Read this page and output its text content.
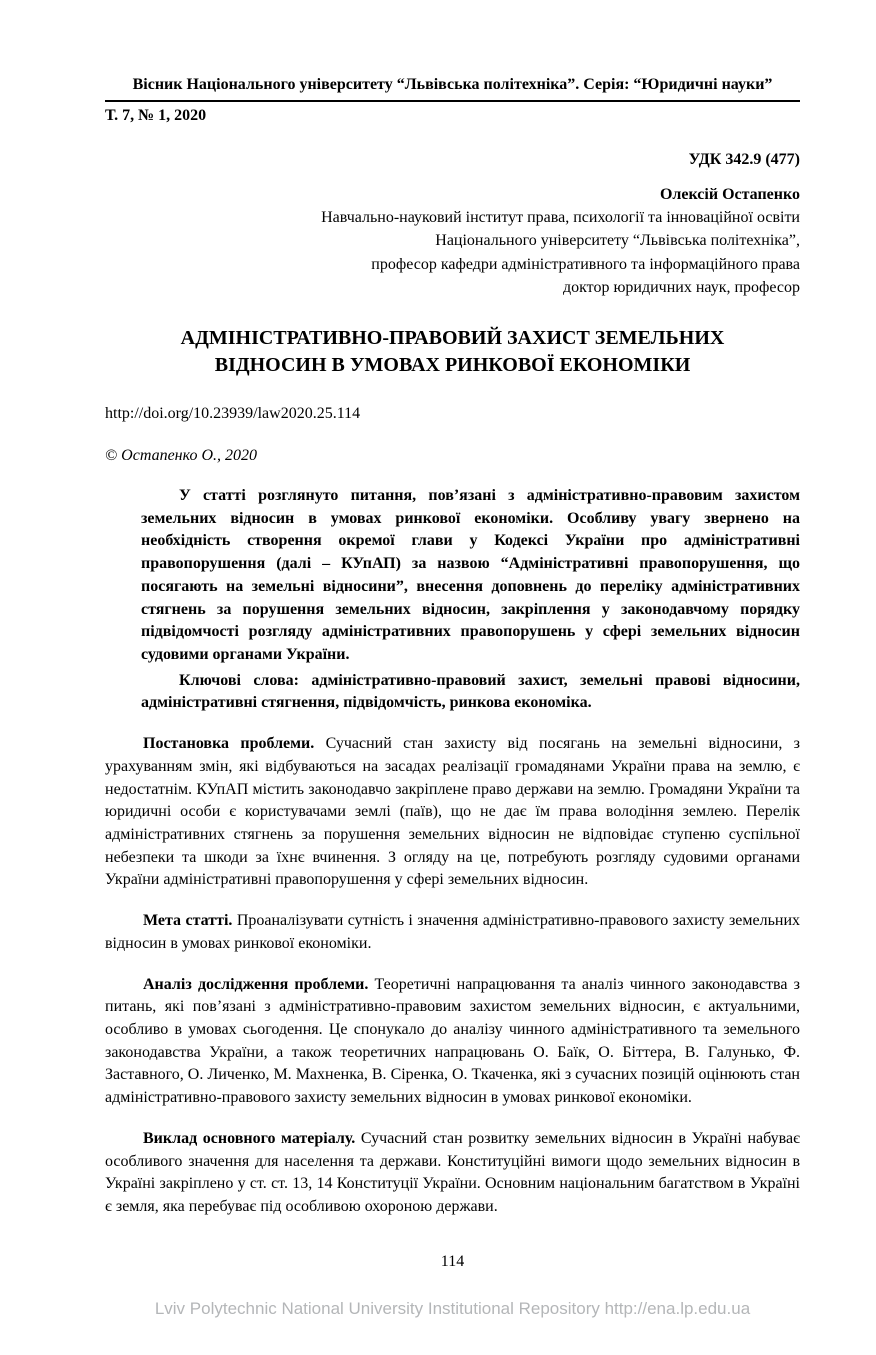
Вісник Національного університету “Львівська політехніка”. Серія: “Юридичні науки”
Т. 7, № 1, 2020
УДК 342.9 (477)
Олексій Остапенко
Навчально-науковий інститут права, психології та інноваційної освіти
Національного університету “Львівська політехніка”,
професор кафедри адміністративного та інформаційного права
доктор юридичних наук, професор
АДМІНІСТРАТИВНО-ПРАВОВИЙ ЗАХИСТ ЗЕМЕЛЬНИХ
ВІДНОСИН В УМОВАХ РИНКОВОЇ ЕКОНОМІКИ
http://doi.org/10.23939/law2020.25.114
© Остапенко О., 2020

У статті розглянуто питання, пов’язані з адміністративно-правовим захистом земельних відносин в умовах ринкової економіки. Особливу увагу звернено на необхідність створення окремої глави у Кодексі України про адміністративні правопорушення (далі – КУпАП) за назвою “Адміністративні правопорушення, що посягають на земельні відносини”, внесення доповнень до переліку адміністративних стягнень за порушення земельних відносин, закріплення у законодавчому порядку підвідомчості розгляду адміністративних правопорушень у сфері земельних відносин судовими органами України.

Ключові слова: адміністративно-правовий захист, земельні правові відносини, адміністративні стягнення, підвідомчість, ринкова економіка.

Постановка проблеми. Сучасний стан захисту від посягань на земельні відносини, з урахуванням змін, які відбуваються на засадах реалізації громадянами України права на землю, є недостатнім. КУпАП містить законодавчо закріплене право держави на землю. Громадяни України та юридичні особи є користувачами землі (паїв), що не дає їм права володіння землею. Перелік адміністративних стягнень за порушення земельних відносин не відповідає ступеню суспільної небезпеки та шкоди за їхнє вчинення. З огляду на це, потребують розгляду судовими органами України адміністративні правопорушення у сфері земельних відносин.

Мета статті. Проаналізувати сутність і значення адміністративно-правового захисту земельних відносин в умовах ринкової економіки.

Аналіз дослідження проблеми. Теоретичні напрацювання та аналіз чинного законодавства з питань, які пов’язані з адміністративно-правовим захистом земельних відносин, є актуальними, особливо в умовах сьогодення. Це спонукало до аналізу чинного адміністративного та земельного законодавства України, а також теоретичних напрацювань О. Баїк, О. Біттера, В. Галунько, Ф. Заставного, О. Личенко, М. Махненка, В. Сіренка, О. Ткаченка, які з сучасних позицій оцінюють стан адміністративно-правового захисту земельних відносин в умовах ринкової економіки.

Виклад основного матеріалу. Сучасний стан розвитку земельних відносин в Україні набуває особливого значення для населення та держави. Конституційні вимоги щодо земельних відносин в Україні закріплено у ст. ст. 13, 14 Конституції України. Основним національним багатством в Україні є земля, яка перебуває під особливою охороною держави.

114
Lviv Polytechnic National University Institutional Repository http://ena.lp.edu.ua
